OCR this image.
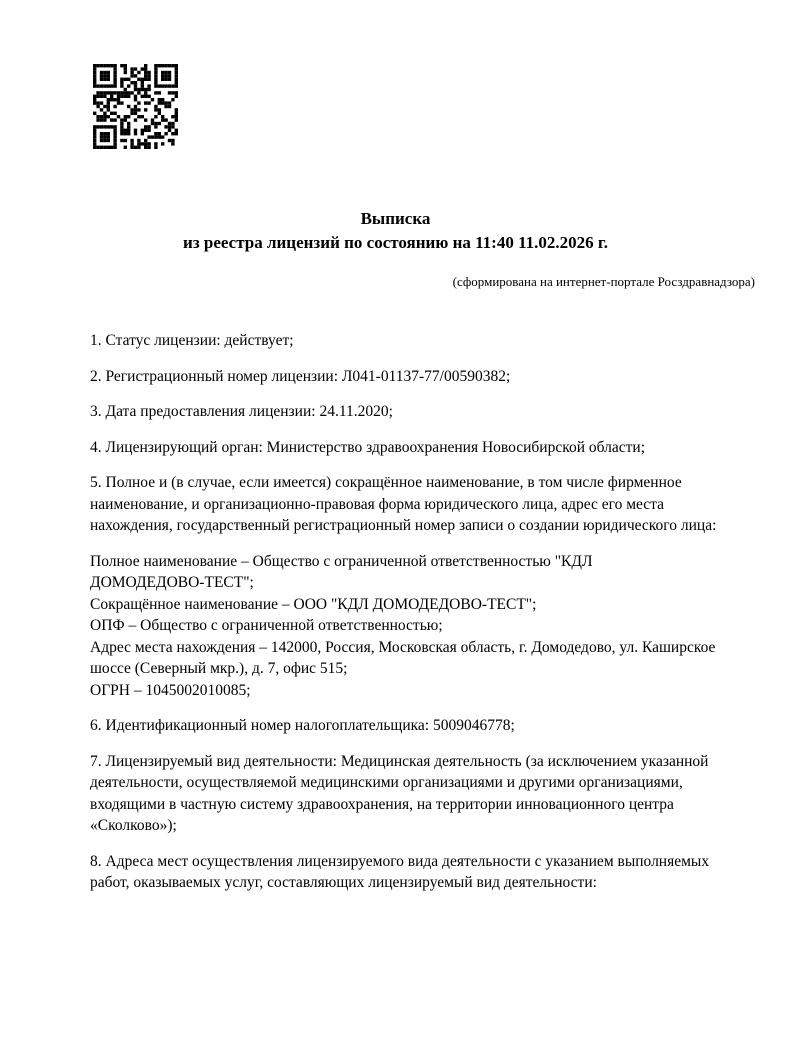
Выписка
из реестра лицензий по состоянию на 11:40 11.02.2026 г.
(сформирована на интернет-портале Росздравнадзора)
1. Статус лицензии: действует;
2. Регистрационный номер лицензии: Л041-01137-77/00590382;
3. Дата предоставления лицензии: 24.11.2020;
4. Лицензирующий орган: Министерство здравоохранения Новосибирской области;
5. Полное и (в случае, если имеется) сокращённое наименование, в том числе фирменное
наименование, и организационно-правовая форма юридического лица, адрес его места
нахождения, государственный регистрационный номер записи о создании юридического лица:
Полное наименование – Общество с ограниченной ответственностью "КДЛ
ДОМОДЕДОВО-ТЕСТ";
Сокращённое наименование – ООО "КДЛ ДОМОДЕДОВО-ТЕСТ";
ОПФ – Общество с ограниченной ответственностью;
Адрес места нахождения – 142000, Россия, Московская область, г. Домодедово, ул. Каширское
шоссе (Северный мкр.), д. 7, офис 515;
ОГРН – 1045002010085;
6. Идентификационный номер налогоплательщика: 5009046778;
7. Лицензируемый вид деятельности: Медицинская деятельность (за исключением указанной
деятельности, осуществляемой медицинскими организациями и другими организациями,
входящими в частную систему здравоохранения, на территории инновационного центра
«Сколково»);
8. Адреса мест осуществления лицензируемого вида деятельности с указанием выполняемых
работ, оказываемых услуг, составляющих лицензируемый вид деятельности:
